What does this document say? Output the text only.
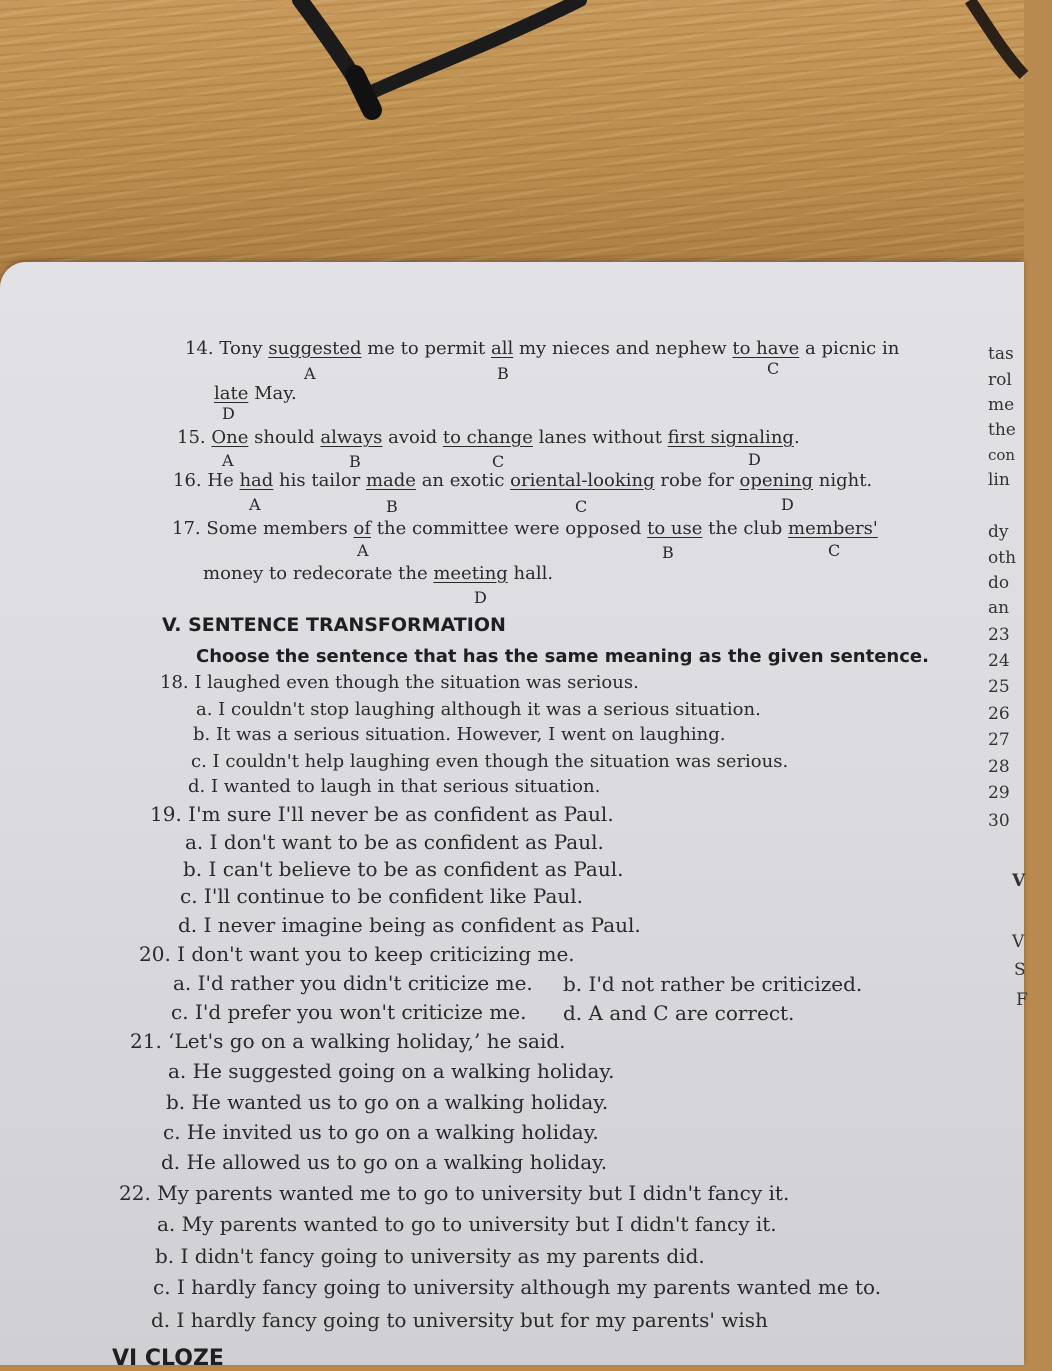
14. Tony suggested me to permit all my nieces and nephew to have a picnic in
A	B	C
late May.
D
15. One should always avoid to change lanes without first signaling.
A	B	C	D
16. He had his tailor made an exotic oriental-looking robe for opening night.
A	B	C	D
17. Some members of the committee were opposed to use the club members'
A	B	C
money to redecorate the meeting hall.
D
V. SENTENCE TRANSFORMATION
Choose the sentence that has the same meaning as the given sentence.
18. I laughed even though the situation was serious.
a. I couldn't stop laughing although it was a serious situation.
b. It was a serious situation. However, I went on laughing.
c. I couldn't help laughing even though the situation was serious.
d. I wanted to laugh in that serious situation.
19. I'm sure I'll never be as confident as Paul.
a. I don't want to be as confident as Paul.
b. I can't believe to be as confident as Paul.
c. I'll continue to be confident like Paul.
d. I never imagine being as confident as Paul.
20. I don't want you to keep criticizing me.
a. I'd rather you didn't criticize me. b. I'd not rather be criticized.
c. I'd prefer you won't criticize me. d. A and C are correct.
21. ‘Let's go on a walking holiday,’ he said.
a. He suggested going on a walking holiday.
b. He wanted us to go on a walking holiday.
c. He invited us to go on a walking holiday.
d. He allowed us to go on a walking holiday.
22. My parents wanted me to go to university but I didn't fancy it.
a. My parents wanted to go to university but I didn't fancy it.
b. I didn't fancy going to university as my parents did.
c. I hardly fancy going to university although my parents wanted me to.
d. I hardly fancy going to university but for my parents' wish
VI CLOZE
tas
rol
me
the
con
lin
dy
oth
do
an
23
24
25
26
27
28
29
30
V
V
S
F
